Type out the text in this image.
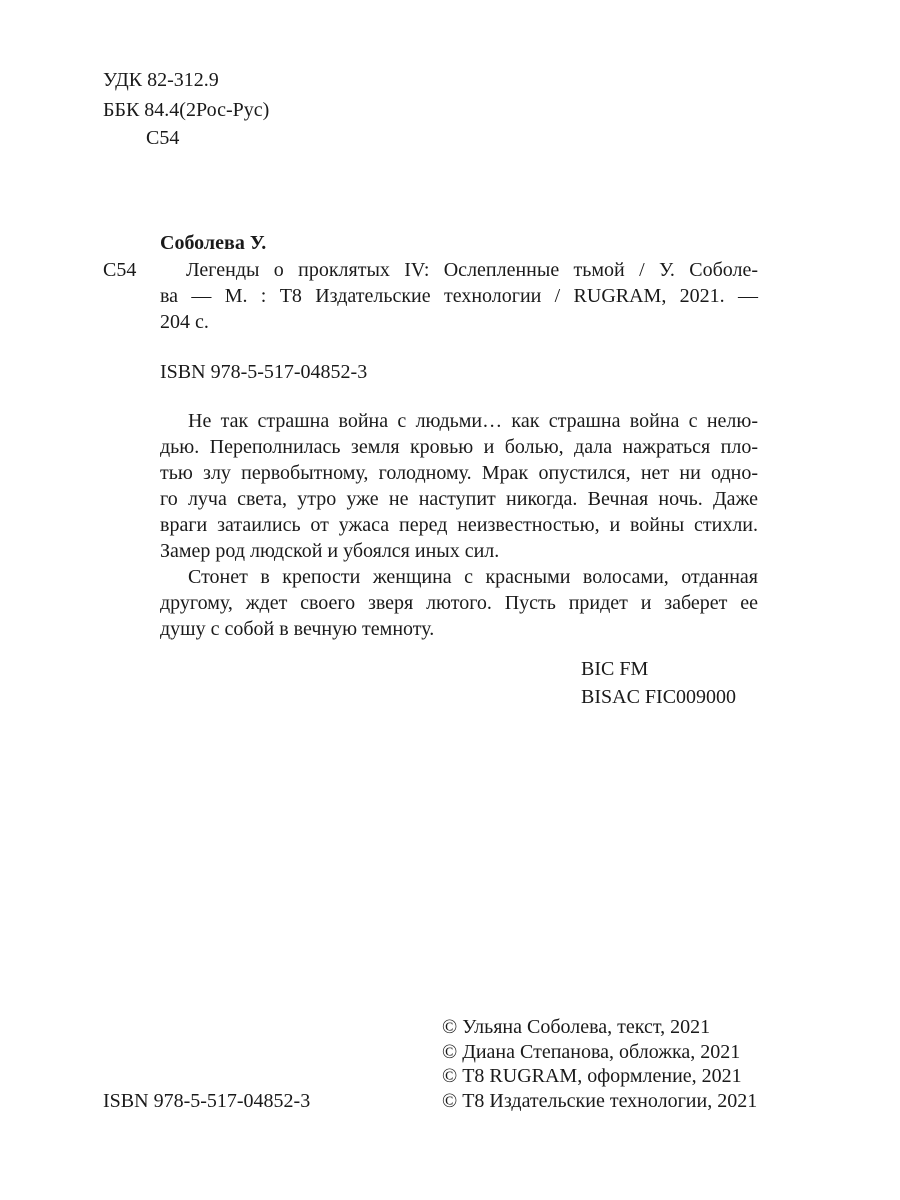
УДК 82-312.9
ББК 84.4(2Рос-Рус)
С54
Соболева У.
С54	Легенды о проклятых IV: Ослепленные тьмой / У. Соболе-
ва — М. : Т8 Издательские технологии / RUGRAM, 2021. —
204 с.
ISBN 978-5-517-04852-3
Не так страшна война с людьми… как страшна война с нелю-
дью. Переполнилась земля кровью и болью, дала нажраться пло-
тью злу первобытному, голодному. Мрак опустился, нет ни одно-
го луча света, утро уже не наступит никогда. Вечная ночь. Даже
враги затаились от ужаса перед неизвестностью, и войны стихли.
Замер род людской и убоялся иных сил.
Стонет в крепости женщина с красными волосами, отданная
другому, ждет своего зверя лютого. Пусть придет и заберет ее
душу с собой в вечную темноту.
BIC FM
BISAC FIC009000
ISBN 978-5-517-04852-3
© Ульяна Соболева, текст, 2021
© Диана Степанова, обложка, 2021
© Т8 RUGRAM, оформление, 2021
© Т8 Издательские технологии, 2021
